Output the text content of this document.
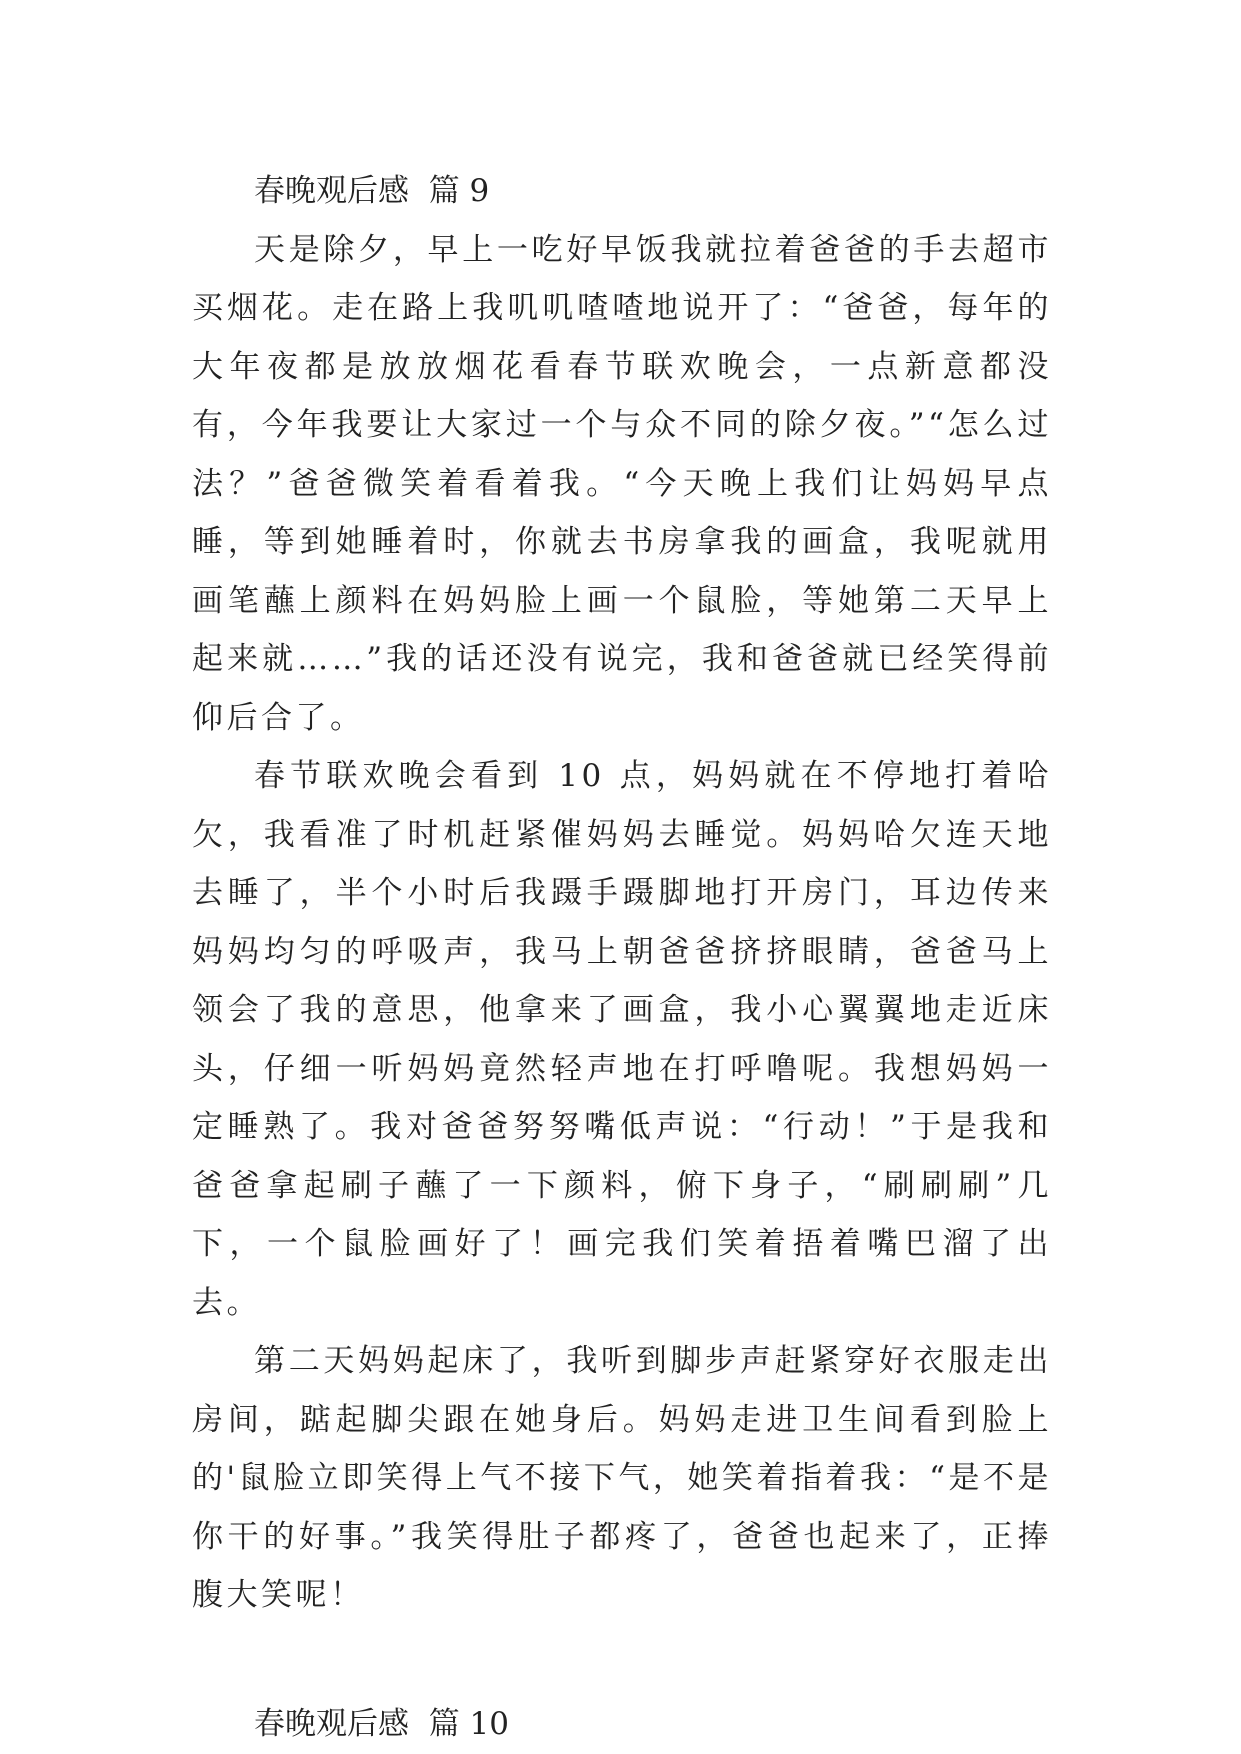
春晚观后感  篇 9

天是除夕，早上一吃好早饭我就拉着爸爸的手去超市买烟花。走在路上我叽叽喳喳地说开了：“爸爸，每年的大年夜都是放放烟花看春节联欢晚会，一点新意都没有，今年我要让大家过一个与众不同的除夕夜。”“怎么过法？”爸爸微笑着看着我。“今天晚上我们让妈妈早点睡，等到她睡着时，你就去书房拿我的画盒，我呢就用画笔蘸上颜料在妈妈脸上画一个鼠脸，等她第二天早上起来就……”我的话还没有说完，我和爸爸就已经笑得前仰后合了。

春节联欢晚会看到 10 点，妈妈就在不停地打着哈欠，我看准了时机赶紧催妈妈去睡觉。妈妈哈欠连天地去睡了，半个小时后我蹑手蹑脚地打开房门，耳边传来妈妈均匀的呼吸声，我马上朝爸爸挤挤眼睛，爸爸马上领会了我的意思，他拿来了画盒，我小心翼翼地走近床头，仔细一听妈妈竟然轻声地在打呼噜呢。我想妈妈一定睡熟了。我对爸爸努努嘴低声说：“行动！”于是我和爸爸拿起刷子蘸了一下颜料，俯下身子，“刷刷刷”几下，一个鼠脸画好了！画完我们笑着捂着嘴巴溜了出去。

第二天妈妈起床了，我听到脚步声赶紧穿好衣服走出房间，踮起脚尖跟在她身后。妈妈走进卫生间看到脸上的'鼠脸立即笑得上气不接下气，她笑着指着我：“是不是你干的好事。”我笑得肚子都疼了，爸爸也起来了，正捧腹大笑呢！

春晚观后感  篇 10
